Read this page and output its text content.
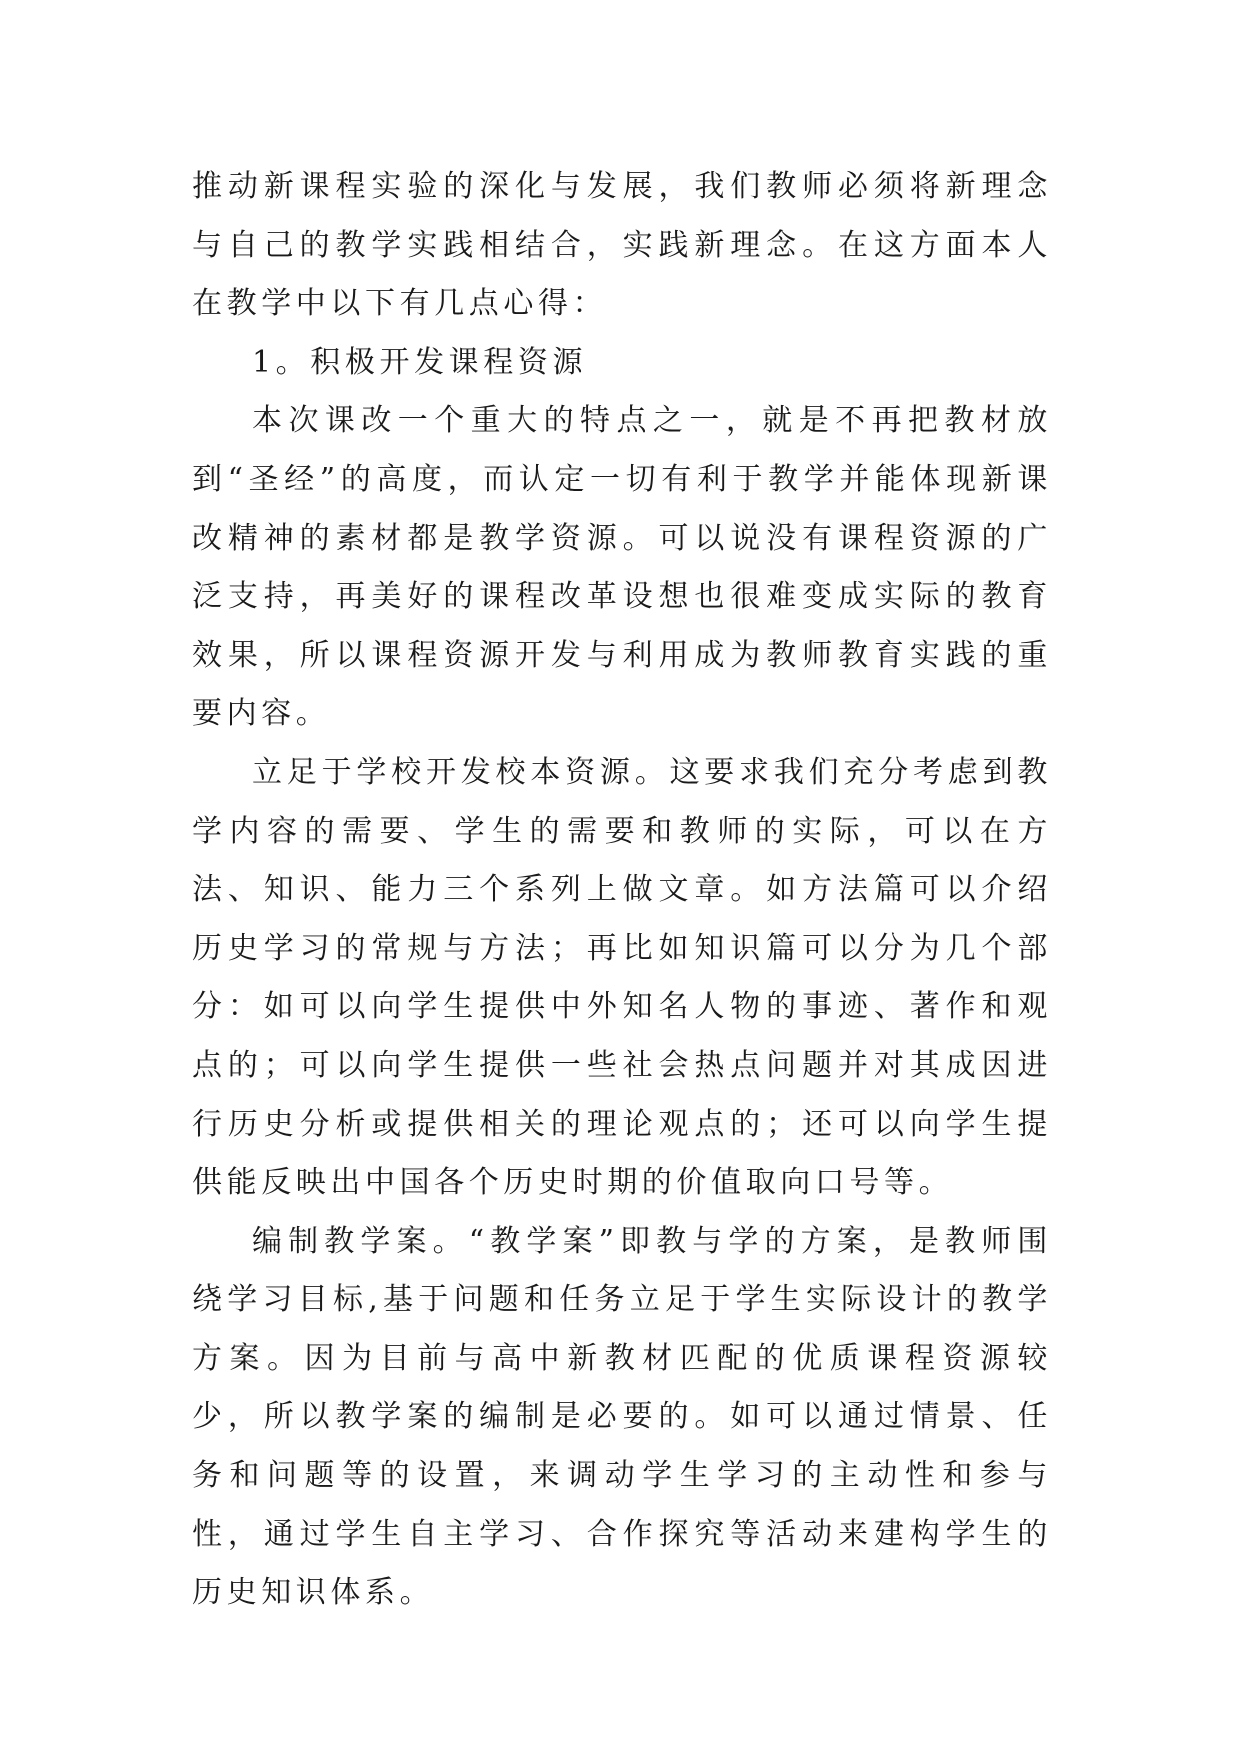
推动新课程实验的深化与发展，我们教师必须将新理念与自己的教学实践相结合，实践新理念。在这方面本人在教学中以下有几点心得：

1。积极开发课程资源

本次课改一个重大的特点之一，就是不再把教材放到“圣经”的高度，而认定一切有利于教学并能体现新课改精神的素材都是教学资源。可以说没有课程资源的广泛支持，再美好的课程改革设想也很难变成实际的教育效果，所以课程资源开发与利用成为教师教育实践的重要内容。

立足于学校开发校本资源。这要求我们充分考虑到教学内容的需要、学生的需要和教师的实际，可以在方法、知识、能力三个系列上做文章。如方法篇可以介绍历史学习的常规与方法；再比如知识篇可以分为几个部分：如可以向学生提供中外知名人物的事迹、著作和观点的；可以向学生提供一些社会热点问题并对其成因进行历史分析或提供相关的理论观点的；还可以向学生提供能反映出中国各个历史时期的价值取向口号等。

编制教学案。“教学案”即教与学的方案，是教师围绕学习目标,基于问题和任务立足于学生实际设计的教学方案。因为目前与高中新教材匹配的优质课程资源较少，所以教学案的编制是必要的。如可以通过情景、任务和问题等的设置，来调动学生学习的主动性和参与性，通过学生自主学习、合作探究等活动来建构学生的历史知识体系。
